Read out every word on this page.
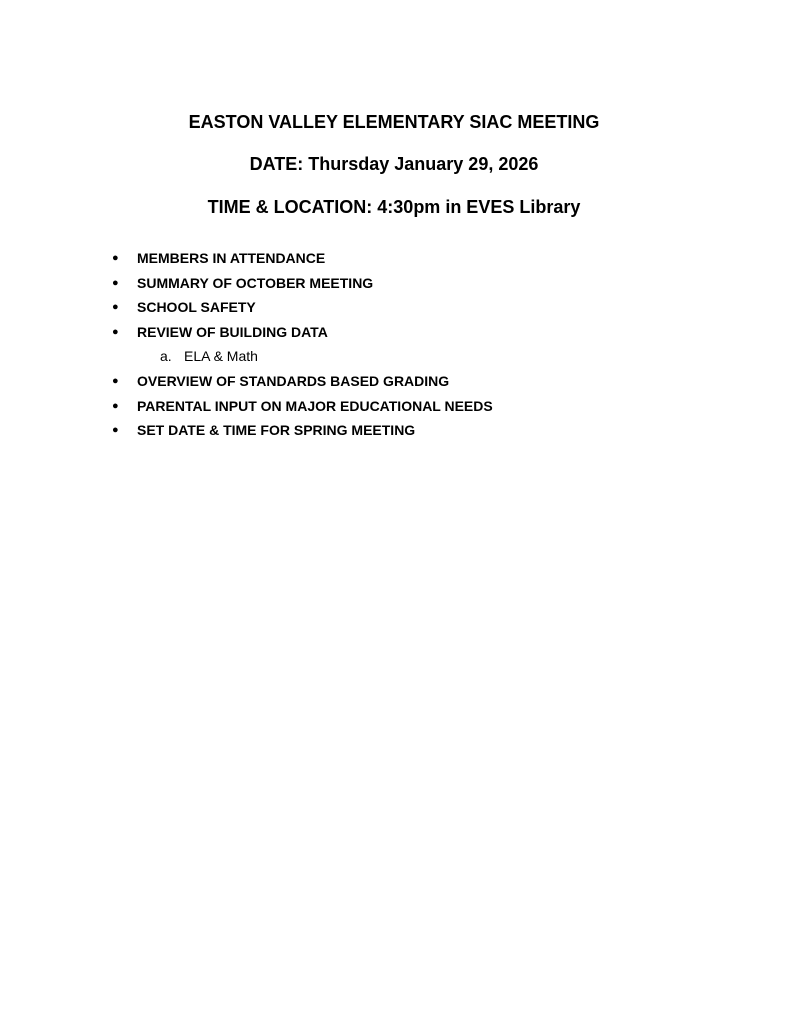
EASTON VALLEY ELEMENTARY SIAC MEETING
DATE: Thursday January 29, 2026
TIME & LOCATION: 4:30pm in EVES Library
● MEMBERS IN ATTENDANCE
● SUMMARY OF OCTOBER MEETING
● SCHOOL SAFETY
● REVIEW OF BUILDING DATA
a. ELA & Math
● OVERVIEW OF STANDARDS BASED GRADING
● PARENTAL INPUT ON MAJOR EDUCATIONAL NEEDS
● SET DATE & TIME FOR SPRING MEETING
